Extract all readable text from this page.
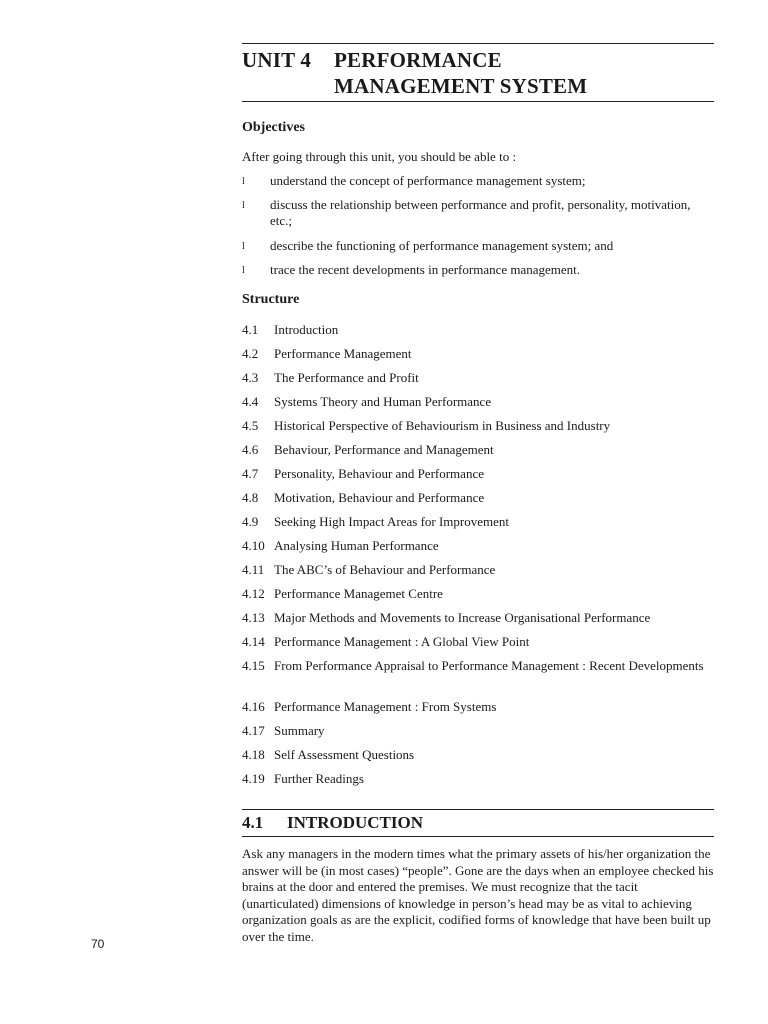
UNIT 4 PERFORMANCE
MANAGEMENT SYSTEM
Objectives
After going through this unit, you should be able to :
l understand the concept of performance management system;
l discuss the relationship between performance and profit, personality, motivation, etc.;
l describe the functioning of performance management system; and
l trace the recent developments in performance management.
Structure
4.1 Introduction
4.2 Performance Management
4.3 The Performance and Profit
4.4 Systems Theory and Human Performance
4.5 Historical Perspective of Behaviourism in Business and Industry
4.6 Behaviour, Performance and Management
4.7 Personality, Behaviour and Performance
4.8 Motivation, Behaviour and Performance
4.9 Seeking High Impact Areas for Improvement
4.10 Analysing Human Performance
4.11 The ABC’s of Behaviour and Performance
4.12 Performance Managemet Centre
4.13 Major Methods and Movements to Increase Organisational Performance
4.14 Performance Management : A Global View Point
4.15 From Performance Appraisal to Performance Management : Recent Developments
4.16 Performance Management : From Systems
4.17 Summary
4.18 Self Assessment Questions
4.19 Further Readings
4.1 INTRODUCTION
Ask any managers in the modern times what the primary assets of his/her organization the answer will be (in most cases) “people”. Gone are the days when an employee checked his brains at the door and entered the premises. We must recognize that the tacit (unarticulated) dimensions of knowledge in person’s head may be as vital to achieving organization goals as are the explicit, codified forms of knowledge that have been built up over the time.
70
